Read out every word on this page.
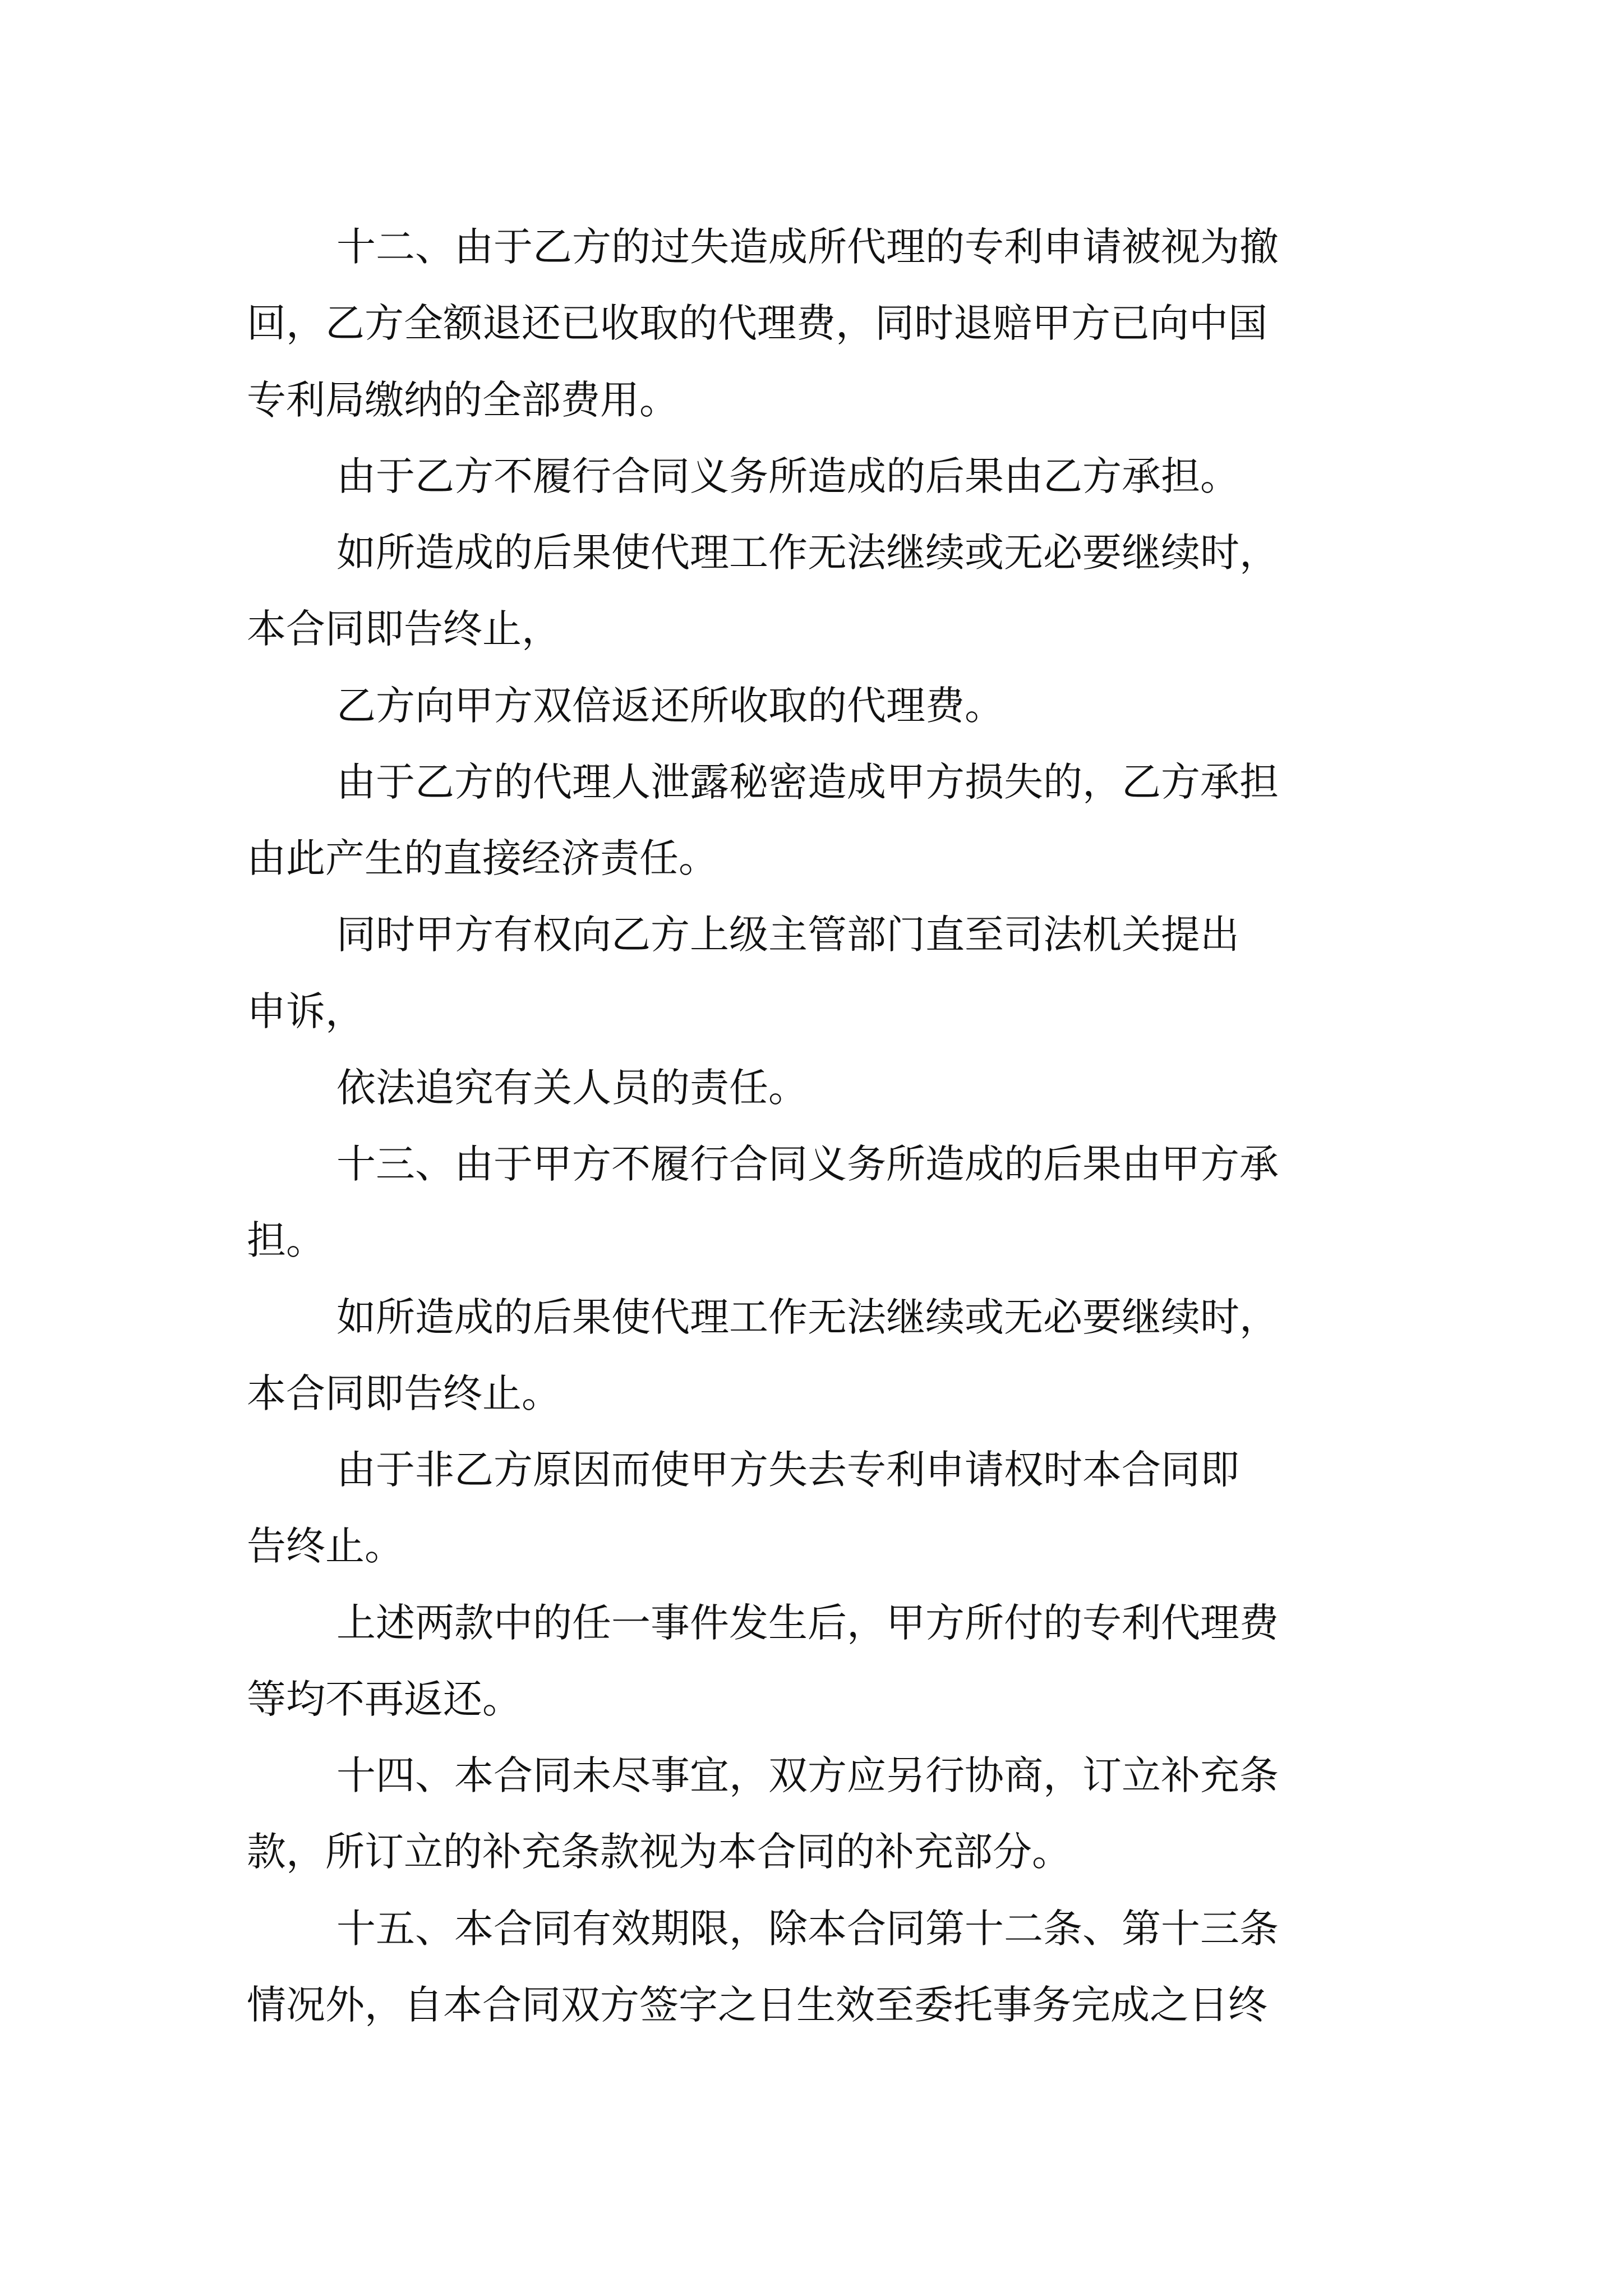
十二、由于乙方的过失造成所代理的专利申请被视为撤
回，乙方全额退还已收取的代理费，同时退赔甲方已向中国
专利局缴纳的全部费用。
由于乙方不履行合同义务所造成的后果由乙方承担。
如所造成的后果使代理工作无法继续或无必要继续时，
本合同即告终止，
乙方向甲方双倍返还所收取的代理费。
由于乙方的代理人泄露秘密造成甲方损失的，乙方承担
由此产生的直接经济责任。
同时甲方有权向乙方上级主管部门直至司法机关提出
申诉，
依法追究有关人员的责任。
十三、由于甲方不履行合同义务所造成的后果由甲方承
担。
如所造成的后果使代理工作无法继续或无必要继续时，
本合同即告终止。
由于非乙方原因而使甲方失去专利申请权时本合同即
告终止。
上述两款中的任一事件发生后，甲方所付的专利代理费
等均不再返还。
十四、本合同未尽事宜，双方应另行协商，订立补充条
款，所订立的补充条款视为本合同的补充部分。
十五、本合同有效期限，除本合同第十二条、第十三条
情况外，自本合同双方签字之日生效至委托事务完成之日终
